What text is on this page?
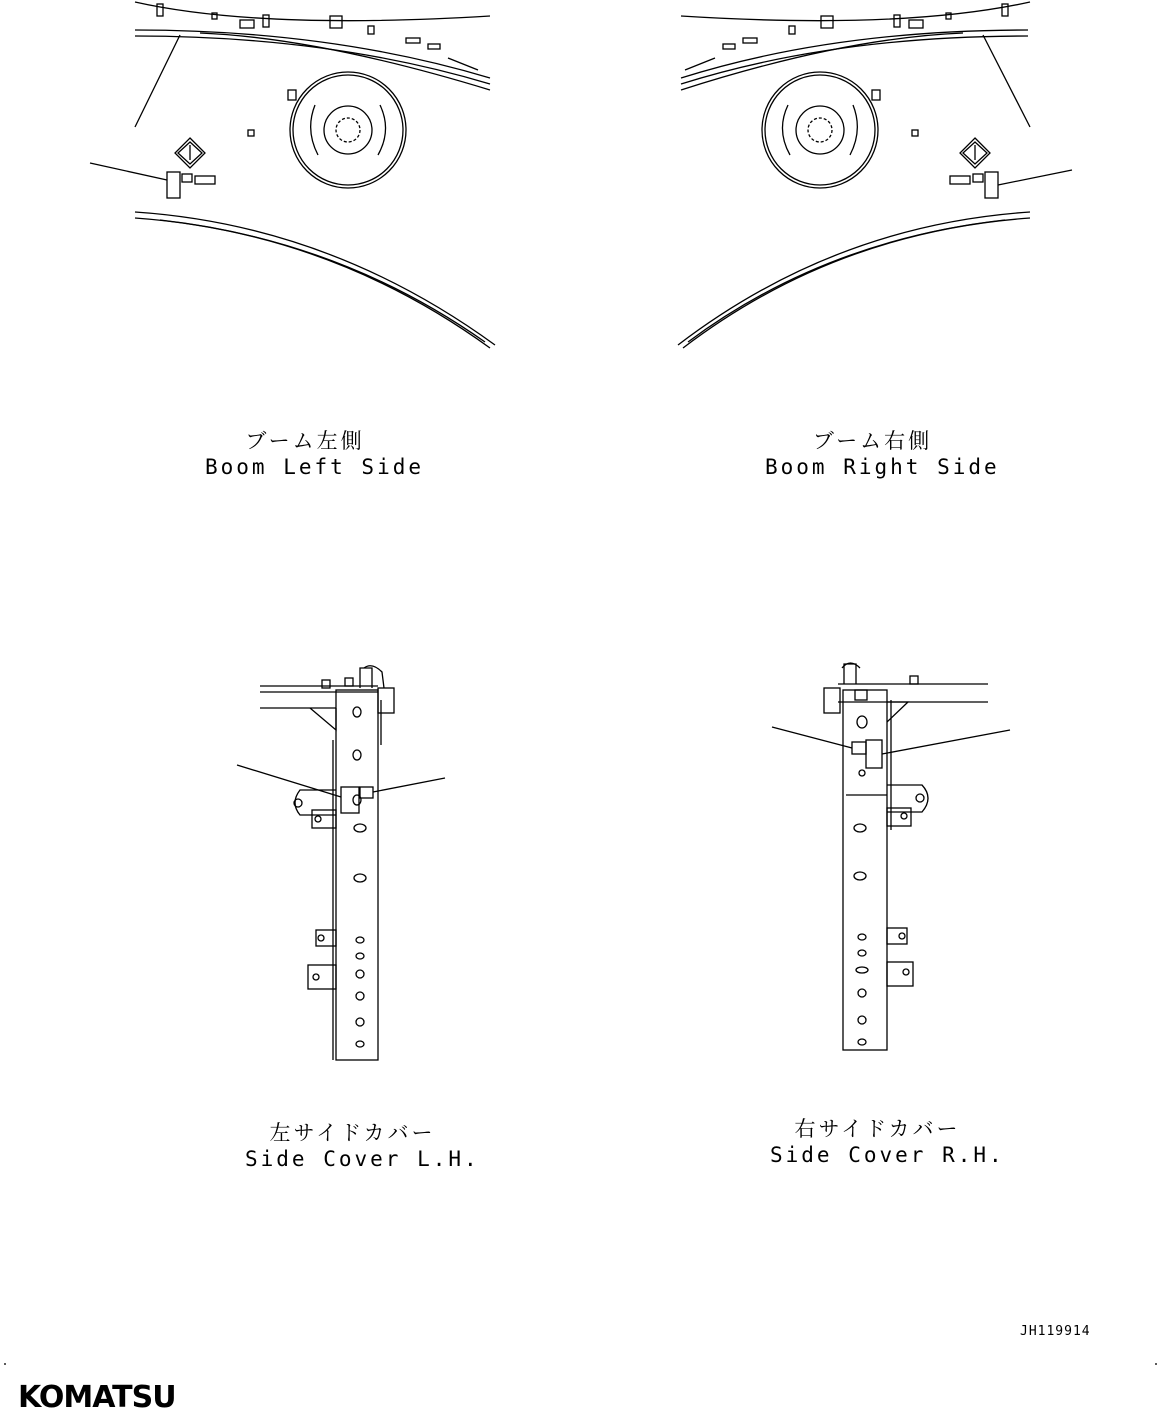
ブーム左側
Boom Left Side
ブーム右側
Boom Right Side
左サイドカバー
Side Cover L.H.
右サイドカバー
Side Cover R.H.
JH119914
KOMATSU
